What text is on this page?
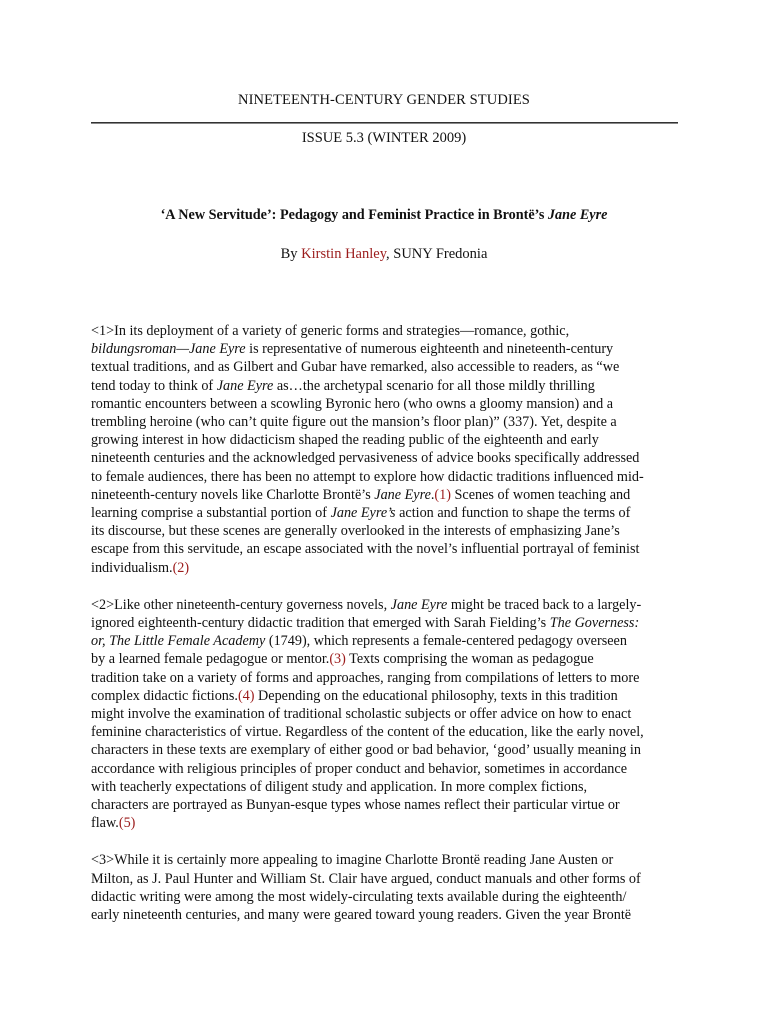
NINETEENTH-CENTURY GENDER STUDIES
ISSUE 5.3 (WINTER 2009)
‘A New Servitude’: Pedagogy and Feminist Practice in Brontë’s Jane Eyre
By Kirstin Hanley, SUNY Fredonia
<1>In its deployment of a variety of generic forms and strategies—romance, gothic,
bildungsroman—Jane Eyre is representative of numerous eighteenth and nineteenth-century
textual traditions, and as Gilbert and Gubar have remarked, also accessible to readers, as “we
tend today to think of Jane Eyre as…the archetypal scenario for all those mildly thrilling
romantic encounters between a scowling Byronic hero (who owns a gloomy mansion) and a
trembling heroine (who can’t quite figure out the mansion’s floor plan)” (337). Yet, despite a
growing interest in how didacticism shaped the reading public of the eighteenth and early
nineteenth centuries and the acknowledged pervasiveness of advice books specifically addressed
to female audiences, there has been no attempt to explore how didactic traditions influenced mid-
nineteenth-century novels like Charlotte Brontë’s Jane Eyre.(1) Scenes of women teaching and
learning comprise a substantial portion of Jane Eyre’s action and function to shape the terms of
its discourse, but these scenes are generally overlooked in the interests of emphasizing Jane’s
escape from this servitude, an escape associated with the novel’s influential portrayal of feminist
individualism.(2)
<2>Like other nineteenth-century governess novels, Jane Eyre might be traced back to a largely-
ignored eighteenth-century didactic tradition that emerged with Sarah Fielding’s The Governess:
or, The Little Female Academy (1749), which represents a female-centered pedagogy overseen
by a learned female pedagogue or mentor.(3) Texts comprising the woman as pedagogue
tradition take on a variety of forms and approaches, ranging from compilations of letters to more
complex didactic fictions.(4) Depending on the educational philosophy, texts in this tradition
might involve the examination of traditional scholastic subjects or offer advice on how to enact
feminine characteristics of virtue. Regardless of the content of the education, like the early novel,
characters in these texts are exemplary of either good or bad behavior, ‘good’ usually meaning in
accordance with religious principles of proper conduct and behavior, sometimes in accordance
with teacherly expectations of diligent study and application. In more complex fictions,
characters are portrayed as Bunyan-esque types whose names reflect their particular virtue or
flaw.(5)
<3>While it is certainly more appealing to imagine Charlotte Brontë reading Jane Austen or
Milton, as J. Paul Hunter and William St. Clair have argued, conduct manuals and other forms of
didactic writing were among the most widely-circulating texts available during the eighteenth/
early nineteenth centuries, and many were geared toward young readers. Given the year Brontë
